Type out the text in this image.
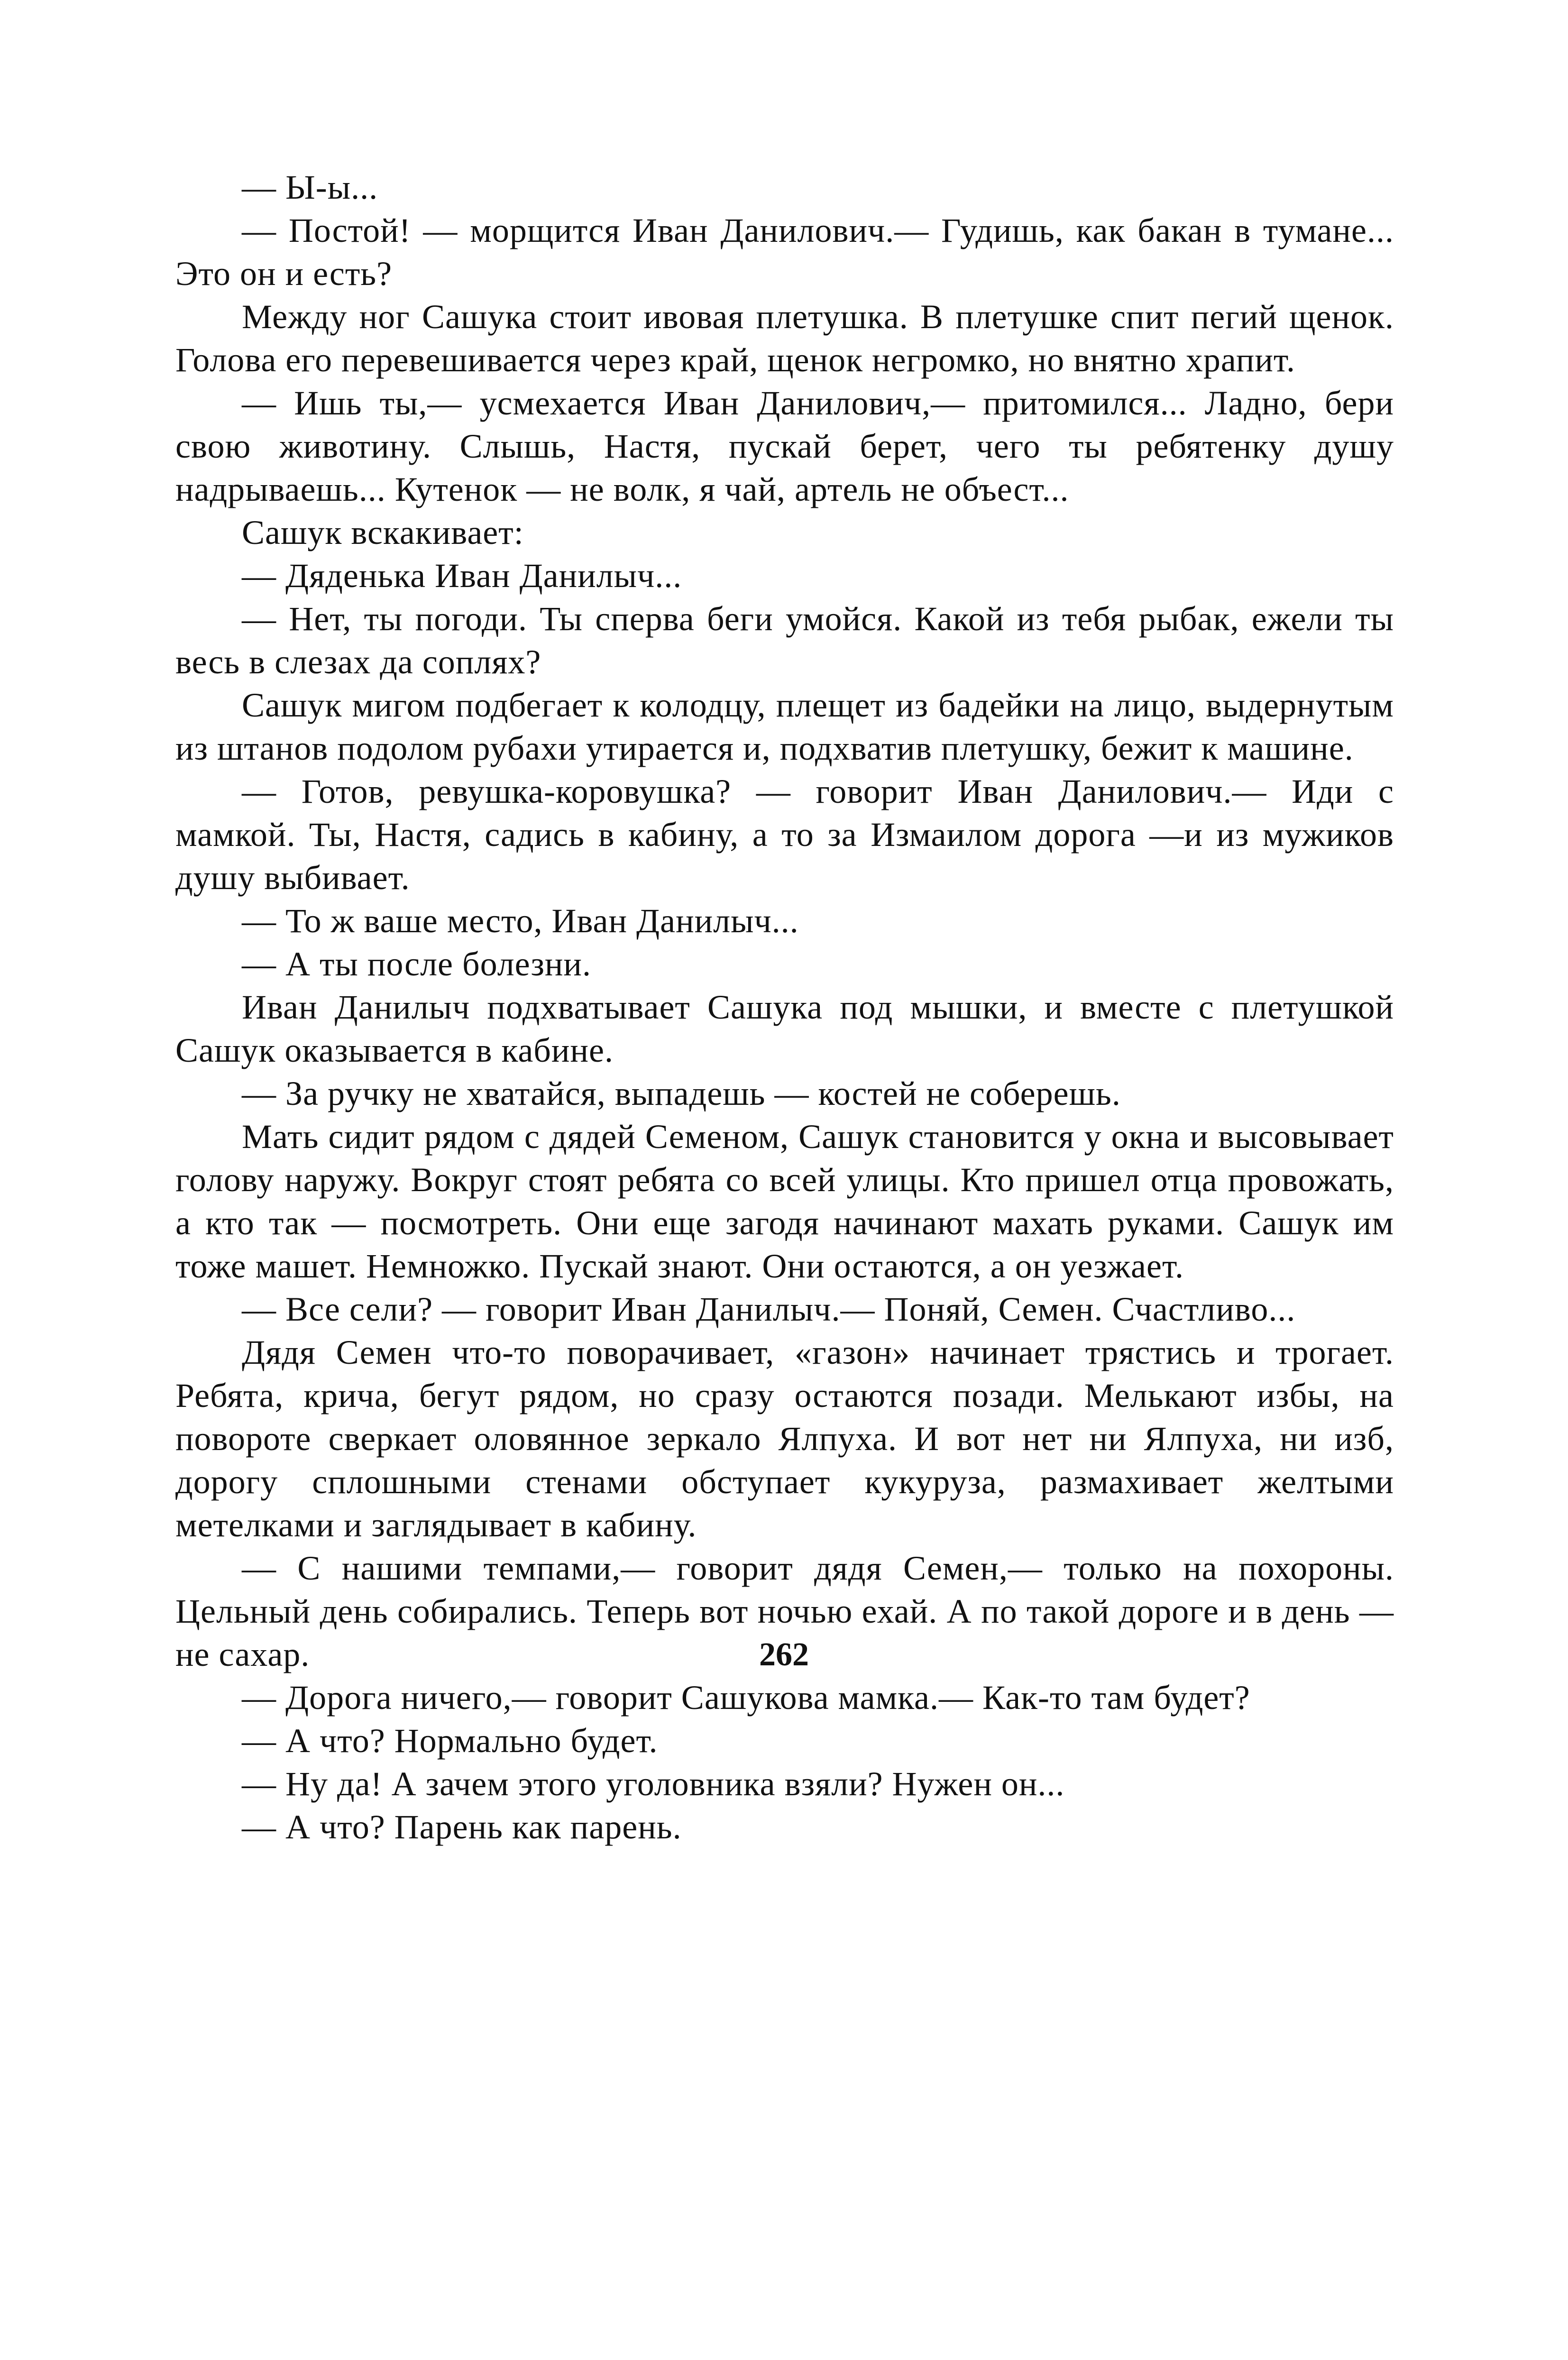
— Ы-ы...

— Постой! — морщится Иван Данилович.— Гудишь, как бакан в тумане... Это он и есть?

Между ног Сашука стоит ивовая плетушка. В плетушке спит пегий щенок. Голова его перевешивается через край, щенок негромко, но внятно храпит.

— Ишь ты,— усмехается Иван Данилович,— притомился... Ладно, бери свою животину. Слышь, Настя, пускай берет, чего ты ребятенку душу надрываешь... Кутенок — не волк, я чай, артель не объест...

Сашук вскакивает:

— Дяденька Иван Данилыч...

— Нет, ты погоди. Ты сперва беги умойся. Какой из тебя рыбак, ежели ты весь в слезах да соплях?

Сашук мигом подбегает к колодцу, плещет из бадейки на лицо, выдернутым из штанов подолом рубахи утирается и, подхватив плетушку, бежит к машине.

— Готов, ревушка-коровушка? — говорит Иван Данилович.— Иди с мамкой. Ты, Настя, садись в кабину, а то за Измаилом дорога —и из мужиков душу выбивает.

— То ж ваше место, Иван Данилыч...

— А ты после болезни.

Иван Данилыч подхватывает Сашука под мышки, и вместе с плетушкой Сашук оказывается в кабине.

— За ручку не хватайся, выпадешь — костей не соберешь.

Мать сидит рядом с дядей Семеном, Сашук становится у окна и высовывает голову наружу. Вокруг стоят ребята со всей улицы. Кто пришел отца провожать, а кто так — посмотреть. Они еще загодя начинают махать руками. Сашук им тоже машет. Немножко. Пускай знают. Они остаются, а он уезжает.

— Все сели? — говорит Иван Данилыч.— Поняй, Семен. Счастливо...

Дядя Семен что-то поворачивает, «газон» начинает трястись и трогает. Ребята, крича, бегут рядом, но сразу остаются позади. Мелькают избы, на повороте сверкает оловянное зеркало Ялпуха. И вот нет ни Ялпуха, ни изб, дорогу сплошными стенами обступает кукуруза, размахивает желтыми метелками и заглядывает в кабину.

— С нашими темпами,— говорит дядя Семен,— только на похороны. Цельный день собирались. Теперь вот ночью ехай. А по такой дороге и в день — не сахар.

— Дорога ничего,— говорит Сашукова мамка.— Как-то там будет?

— А что? Нормально будет.

— Ну да! А зачем этого уголовника взяли? Нужен он...

— А что? Парень как парень.

262
